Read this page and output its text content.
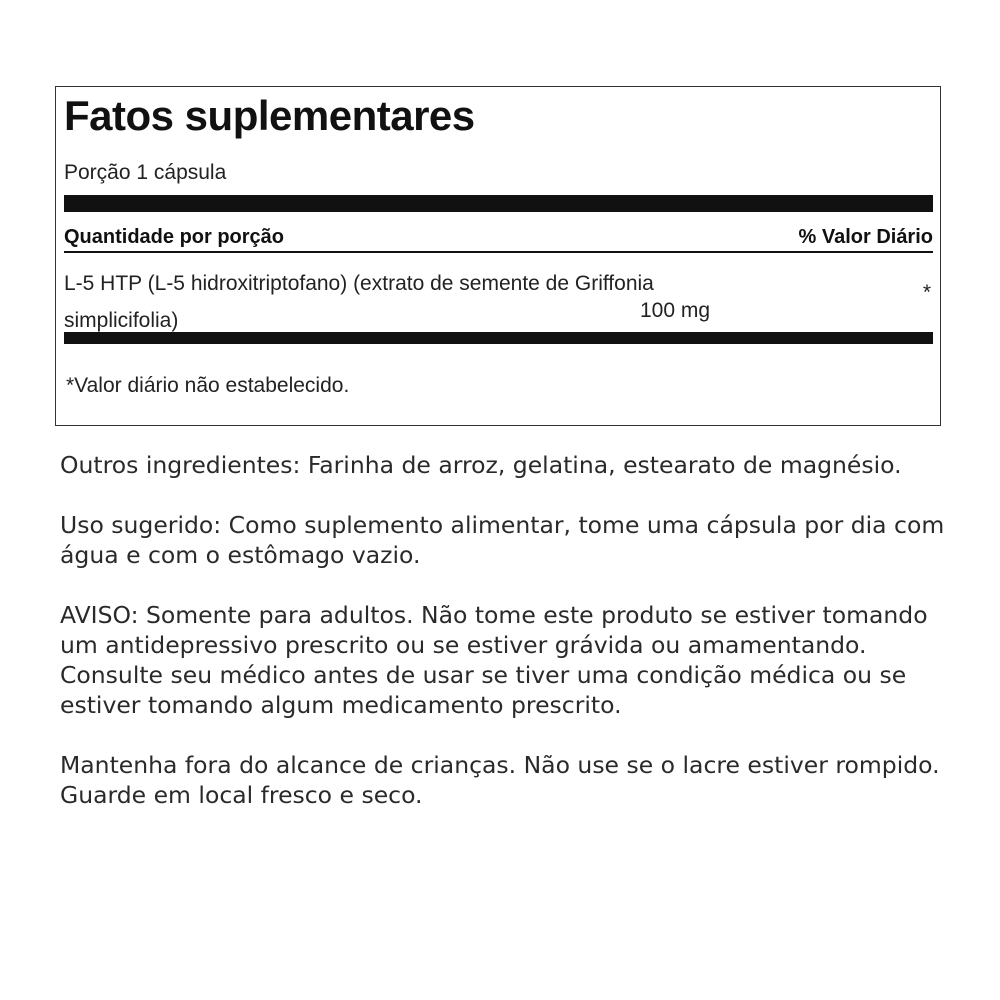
Fatos suplementares
Porção 1 cápsula
Quantidade por porção	% Valor Diário
L-5 HTP (L-5 hidroxitriptofano) (extrato de semente de Griffonia simplicifolia)	100 mg
*
*Valor diário não estabelecido.

Outros ingredientes: Farinha de arroz, gelatina, estearato de magnésio.

Uso sugerido: Como suplemento alimentar, tome uma cápsula por dia com água e com o estômago vazio.

AVISO: Somente para adultos. Não tome este produto se estiver tomando um antidepressivo prescrito ou se estiver grávida ou amamentando. Consulte seu médico antes de usar se tiver uma condição médica ou se estiver tomando algum medicamento prescrito.

Mantenha fora do alcance de crianças. Não use se o lacre estiver rompido. Guarde em local fresco e seco.
